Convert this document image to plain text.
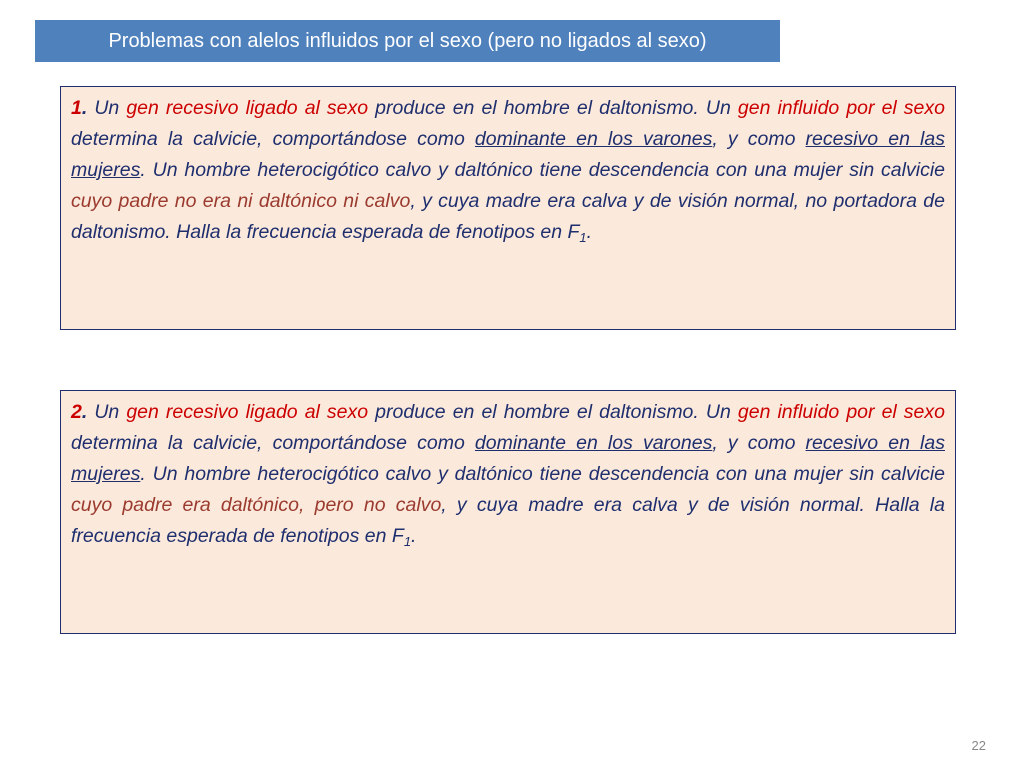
Problemas con alelos influidos por el sexo (pero no ligados al sexo)
1. Un gen recesivo ligado al sexo produce en el hombre el daltonismo. Un gen influido por el sexo determina la calvicie, comportándose como dominante en los varones, y como recesivo en las mujeres. Un hombre heterocigótico calvo y daltónico tiene descendencia con una mujer sin calvicie cuyo padre no era ni daltónico ni calvo, y cuya madre era calva y de visión normal, no portadora de daltonismo. Halla la frecuencia esperada de fenotipos en $F_1$.
2. Un gen recesivo ligado al sexo produce en el hombre el daltonismo. Un gen influido por el sexo determina la calvicie, comportándose como dominante en los varones, y como recesivo en las mujeres. Un hombre heterocigótico calvo y daltónico tiene descendencia con una mujer sin calvicie cuyo padre era daltónico, pero no calvo, y cuya madre era calva y de visión normal. Halla la frecuencia esperada de fenotipos en $F_1$.
22
